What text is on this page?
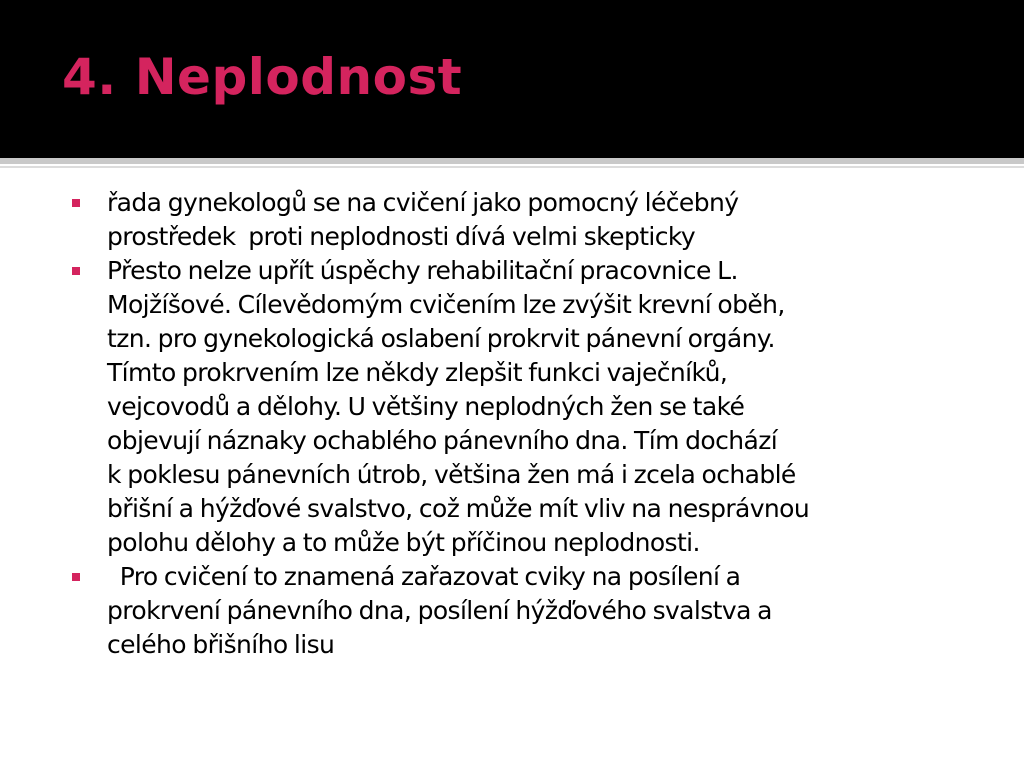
4. Neplodnost
řada gynekologů se na cvičení jako pomocný léčebný
prostředek  proti neplodnosti dívá velmi skepticky
Přesto nelze upřít úspěchy rehabilitační pracovnice L.
Mojžíšové. Cílevědomým cvičením lze zvýšit krevní oběh,
tzn. pro gynekologická oslabení prokrvit pánevní orgány.
Tímto prokrvením lze někdy zlepšit funkci vaječníků,
vejcovodů a dělohy. U většiny neplodných žen se také
objevují náznaky ochablého pánevního dna. Tím dochází
k poklesu pánevních útrob, většina žen má i zcela ochablé
břišní a hýžďové svalstvo, což může mít vliv na nesprávnou
polohu dělohy a to může být příčinou neplodnosti.
Pro cvičení to znamená zařazovat cviky na posílení a
prokrvení pánevního dna, posílení hýžďového svalstva a
celého břišního lisu
